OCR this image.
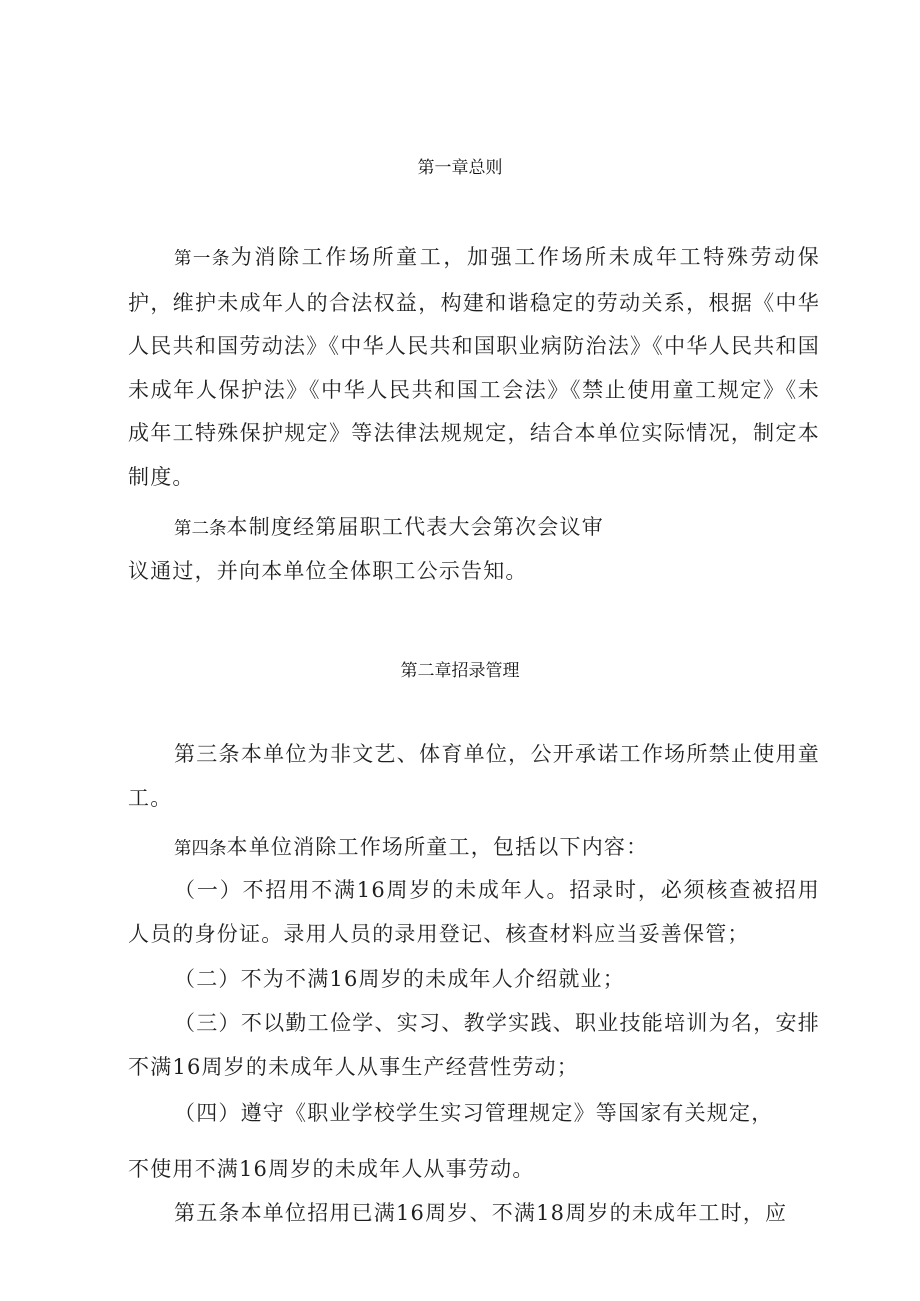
第一章总则

第一条为消除工作场所童工，加强工作场所未成年工特殊劳动保护，维护未成年人的合法权益，构建和谐稳定的劳动关系，根据《中华人民共和国劳动法》《中华人民共和国职业病防治法》《中华人民共和国未成年人保护法》《中华人民共和国工会法》《禁止使用童工规定》《未成年工特殊保护规定》等法律法规规定，结合本单位实际情况，制定本制度。

第二条本制度经第届职工代表大会第次会议审

议通过，并向本单位全体职工公示告知。

第二章招录管理

第三条本单位为非文艺、体育单位，公开承诺工作场所禁止使用童工。

第四条本单位消除工作场所童工，包括以下内容：

（一）不招用不满16周岁的未成年人。招录时，必须核查被招用人员的身份证。录用人员的录用登记、核查材料应当妥善保管；

（二）不为不满16周岁的未成年人介绍就业；

（三）不以勤工俭学、实习、教学实践、职业技能培训为名，安排不满16周岁的未成年人从事生产经营性劳动；

（四）遵守《职业学校学生实习管理规定》等国家有关规定，

不使用不满16周岁的未成年人从事劳动。

第五条本单位招用已满16周岁、不满18周岁的未成年工时，应
